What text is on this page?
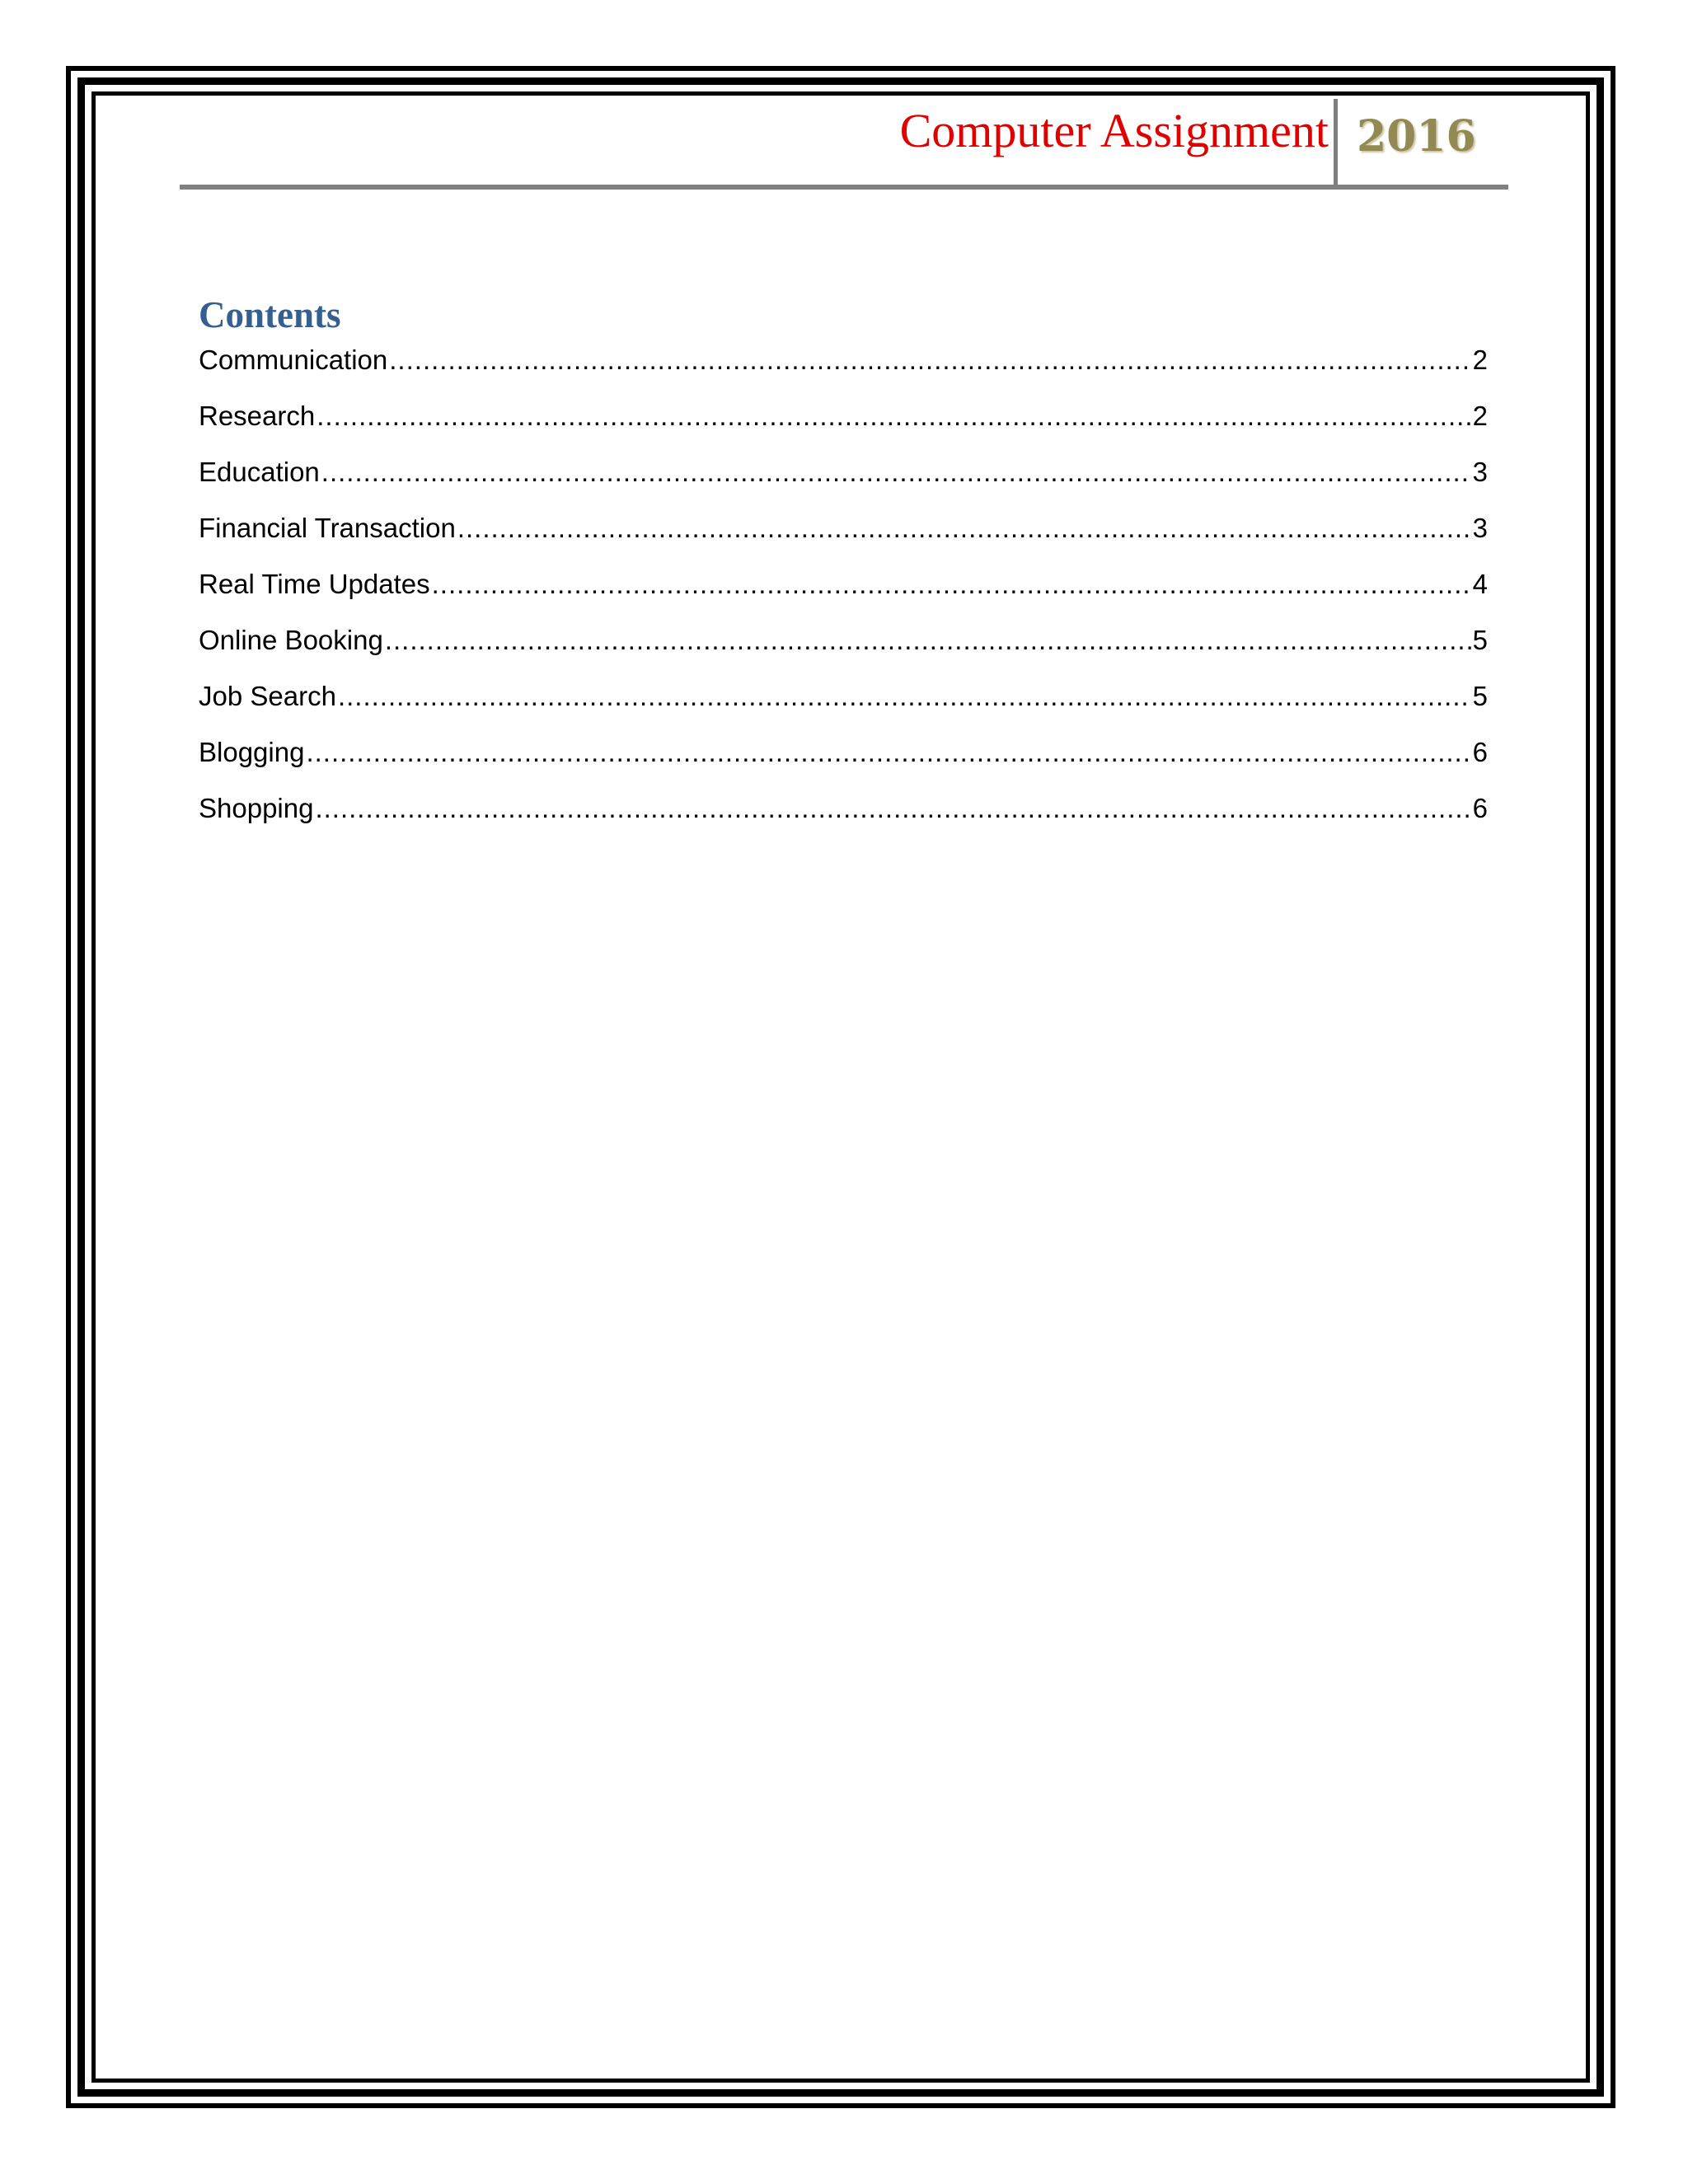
Computer Assignment 2016
Contents
Communication .....	2
Research .....	2
Education .....	3
Financial Transaction .....	3
Real Time Updates .....	4
Online Booking .....	5
Job Search .....	5
Blogging .....	6
Shopping .....	6
